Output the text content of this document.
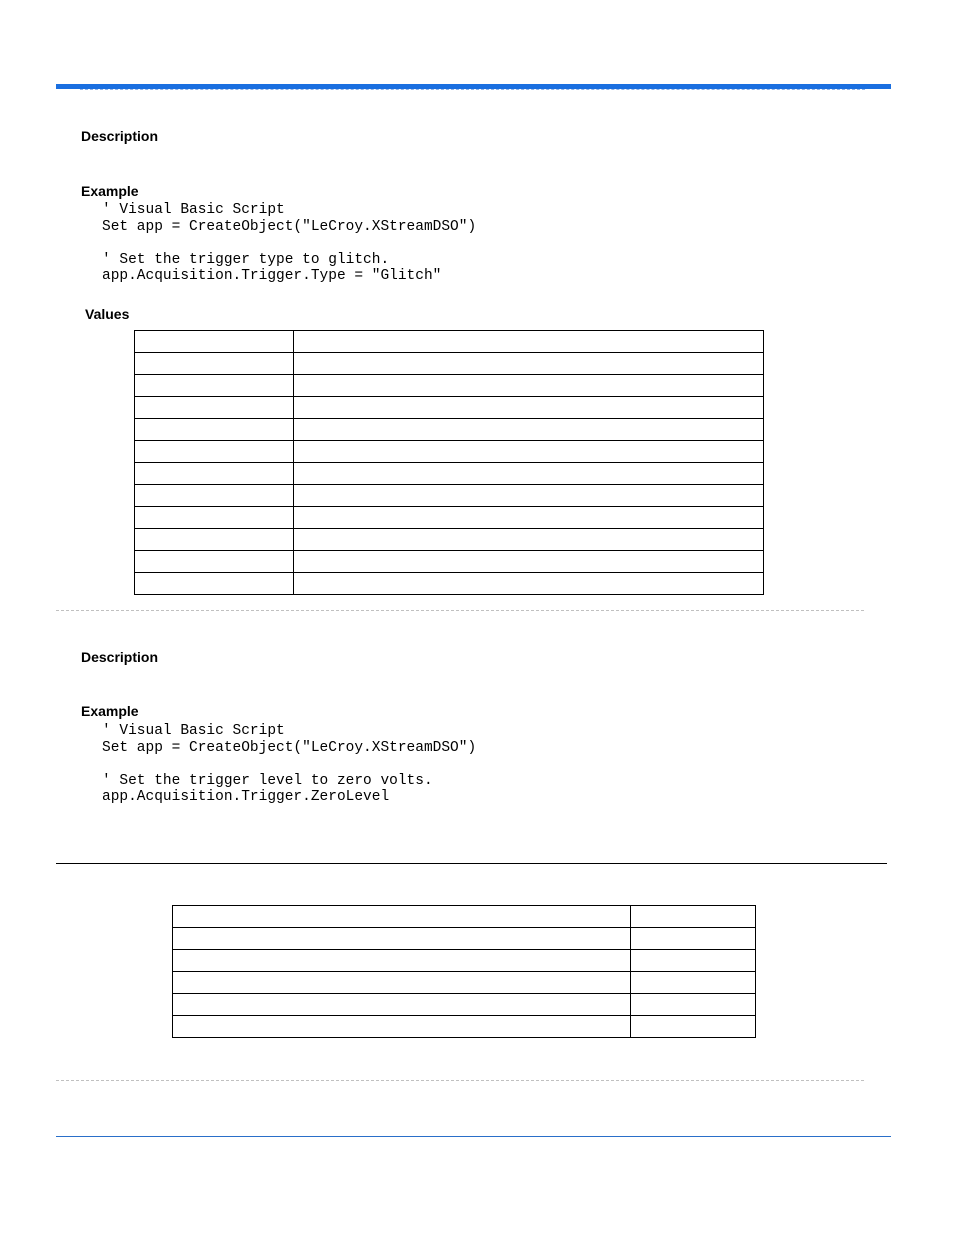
Description
Example
' Visual Basic Script
Set app = CreateObject("LeCroy.XStreamDSO")

' Set the trigger type to glitch.
app.Acquisition.Trigger.Type = "Glitch"
Values

Description
Example
' Visual Basic Script
Set app = CreateObject("LeCroy.XStreamDSO")

' Set the trigger level to zero volts.
app.Acquisition.Trigger.ZeroLevel
